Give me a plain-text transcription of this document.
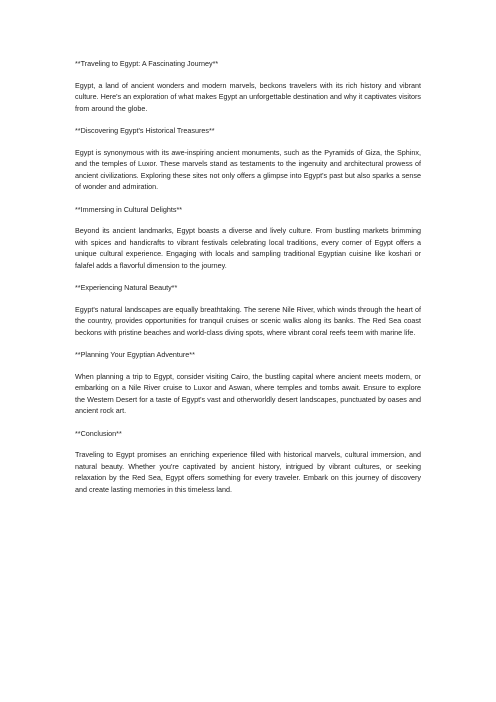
**Traveling to Egypt: A Fascinating Journey**
Egypt, a land of ancient wonders and modern marvels, beckons travelers with its rich history and vibrant culture. Here's an exploration of what makes Egypt an unforgettable destination and why it captivates visitors from around the globe.
**Discovering Egypt's Historical Treasures**
Egypt is synonymous with its awe-inspiring ancient monuments, such as the Pyramids of Giza, the Sphinx, and the temples of Luxor. These marvels stand as testaments to the ingenuity and architectural prowess of ancient civilizations. Exploring these sites not only offers a glimpse into Egypt's past but also sparks a sense of wonder and admiration.
**Immersing in Cultural Delights**
Beyond its ancient landmarks, Egypt boasts a diverse and lively culture. From bustling markets brimming with spices and handicrafts to vibrant festivals celebrating local traditions, every corner of Egypt offers a unique cultural experience. Engaging with locals and sampling traditional Egyptian cuisine like koshari or falafel adds a flavorful dimension to the journey.
**Experiencing Natural Beauty**
Egypt's natural landscapes are equally breathtaking. The serene Nile River, which winds through the heart of the country, provides opportunities for tranquil cruises or scenic walks along its banks. The Red Sea coast beckons with pristine beaches and world-class diving spots, where vibrant coral reefs teem with marine life.
**Planning Your Egyptian Adventure**
When planning a trip to Egypt, consider visiting Cairo, the bustling capital where ancient meets modern, or embarking on a Nile River cruise to Luxor and Aswan, where temples and tombs await. Ensure to explore the Western Desert for a taste of Egypt's vast and otherworldly desert landscapes, punctuated by oases and ancient rock art.
**Conclusion**
Traveling to Egypt promises an enriching experience filled with historical marvels, cultural immersion, and natural beauty. Whether you're captivated by ancient history, intrigued by vibrant cultures, or seeking relaxation by the Red Sea, Egypt offers something for every traveler. Embark on this journey of discovery and create lasting memories in this timeless land.
